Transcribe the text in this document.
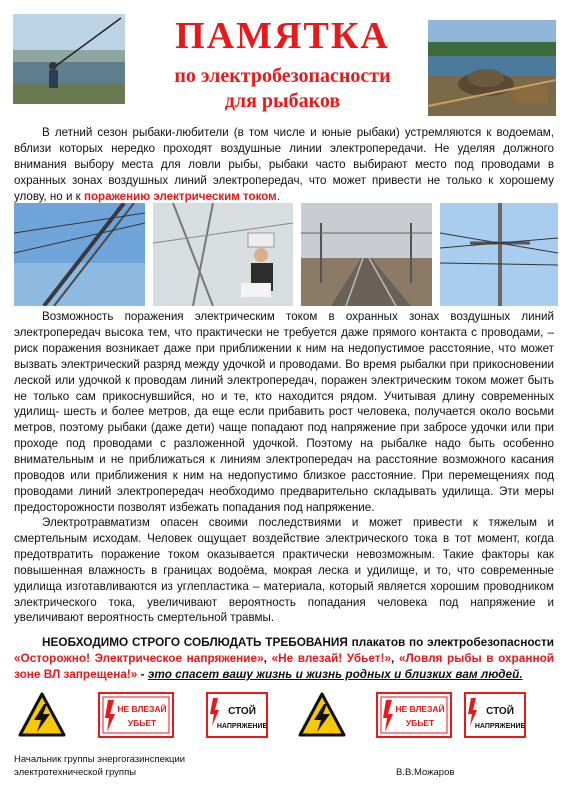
ПАМЯТКА
по электробезопасности
для рыбаков
В летний сезон рыбаки-любители (в том числе и юные рыбаки) устремляются к водоемам, вблизи которых нередко проходят воздушные линии электропередачи. Не уделяя должного внимания выбору места для ловли рыбы, рыбаки часто выбирают место под проводами в охранных зонах воздушных линий электропередач, что может привести не только к хорошему улову, но и к поражению электрическим током.
Возможность поражения электрическим током в охранных зонах воздушных линий электропередач высока тем, что практически не требуется даже прямого контакта с проводами, – риск поражения возникает даже при приближении к ним на недопустимое расстояние, что может вызвать электрический разряд между удочкой и проводами. Во время рыбалки при прикосновении леской или удочкой к проводам линий электропередач, поражен электрическим током может быть не только сам прикоснувшийся, но и те, кто находится рядом. Учитывая длину современных удилищ- шесть и более метров, да еще если прибавить рост человека, получается около восьми метров, поэтому рыбаки (даже дети) чаще попадают под напряжение при забросе удочки или при проходе под проводами с разложенной удочкой. Поэтому на рыбалке надо быть особенно внимательным и не приближаться к линиям электропередач на расстояние возможного касания проводов или приближения к ним на недопустимо близкое расстояние. При перемещениях под проводами линий электропередач необходимо предварительно складывать удилища. Эти меры предосторожности позволят избежать попадания под напряжение.
Электротравматизм опасен своими последствиями и может привести к тяжелым и смертельным исходам. Человек ощущает воздействие электрического тока в тот момент, когда предотвратить поражение током оказывается практически невозможным. Такие факторы как повышенная влажность в границах водоёма, мокрая леска и удилище, и то, что современные удилища изготавливаются из углепластика – материала, который является хорошим проводником электрического тока, увеличивают вероятность попадания человека под напряжение и увеличивают вероятность смертельной травмы.
НЕОБХОДИМО СТРОГО СОБЛЮДАТЬ ТРЕБОВАНИЯ плакатов по электробезопасности «Осторожно! Электрическое напряжение», «Не влезай! Убьет!», «Ловля рыбы в охранной зоне ВЛ запрещена!» - это спасет вашу жизнь и жизнь родных и близких вам людей.
НЕ ВЛЕЗАЙ
УБЬЕТ
СТОЙ
НАПРЯЖЕНИЕ
НЕ ВЛЕЗАЙ
УБЬЕТ
СТОЙ
НАПРЯЖЕНИЕ
Начальник группы энергогазинспекции
электротехнической группы	В.В.Можаров
